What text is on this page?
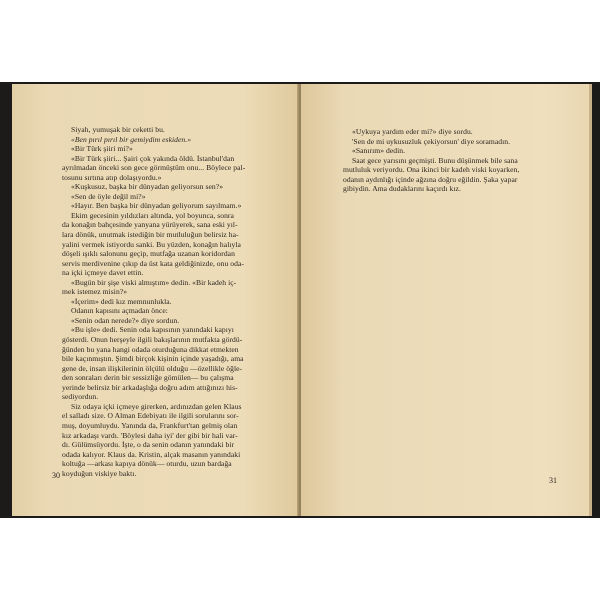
Siyah, yumuşak bir ceketti bu.

«Ben pırıl pırıl bir gemiydim eskiden.»

«Bir Türk şiiri mi?»

«Bir Türk şiiri... Şairi çok yakında öldü. İstanbul'dan

ayrılmadan önceki son gece görmüştüm onu... Böylece pal-

tosunu sırtına atıp dolaşıyordu.»

«Kuşkusuz, başka bir dünyadan geliyorsun sen?»

«Sen de öyle değil mi?»

«Hayır. Ben başka bir dünyadan geliyorum sayılmam.»

Ekim gecesinin yıldızları altında, yol boyunca, sonra

da konağın bahçesinde yanyana yürüyerek, sana eski yıl-

lara dönük, unutmak istediğin bir mutluluğun belirsiz ha-

yalini vermek istiyordu sanki. Bu yüzden, konağın halıyla

döşeli ışıklı salonunu geçip, mutfağa uzanan koridordan

servis merdivenine çıkıp da üst kata geldiğinizde, onu oda-

na içki içmeye davet ettin.

«Bugün bir şişe viski almıştım» dedin. «Bir kadeh iç-

mek istemez misin?»

«İçerim» dedi kız memnunlukla.

Odanın kapısını açmadan önce:

«Senin odan nerede?» diye sordun.

«Bu işle» dedi. Senin oda kapısının yanındaki kapıyı

gösterdi. Onun herşeyle ilgili bakışlarının mutfakta gördü-

ğünden bu yana hangi odada oturduğuna dikkat etmekten

bile kaçınmıştın. Şimdi birçok kişinin içinde yaşadığı, ama

gene de, insan ilişkilerinin ölçülü olduğu —özellikle öğle-

den sonraları derin bir sessizliğe gömülen— bu çalışma

yerinde belirsiz bir arkadaşlığa doğru adım attığınızı his-

sediyordun.

Siz odaya içki içmeye girerken, ardınızdan gelen Klaus

el salladı size. O Alman Edebiyatı ile ilgili sorularını sor-

muş, doyumluydu. Yanında da, Frankfurt'tan gelmiş olan

kız arkadaşı vardı. 'Böylesi daha iyi' der gibi bir hali var-

dı. Gülümsüyordu. İşte, o da senin odanın yanındaki bir

odada kalıyor. Klaus da. Kristin, alçak masanın yanındaki

koltuğa —arkası kapıya dönük— oturdu, uzun bardağa

koyduğun viskiye baktı.

30

«Uykuya yardım eder mi?» diye sordu.

'Sen de mi uykusuzluk çekiyorsun' diye soramadın.

«Sanırım» dedin.

Saat gece yarısını geçmişti. Bunu düşünmek bile sana

mutluluk veriyordu. Ona ikinci bir kadeh viski koyarken,

odanın aydınlığı içinde ağzına doğru eğildin. Şaka yapar

gibiydin. Ama dudaklarını kaçırdı kız.

31
